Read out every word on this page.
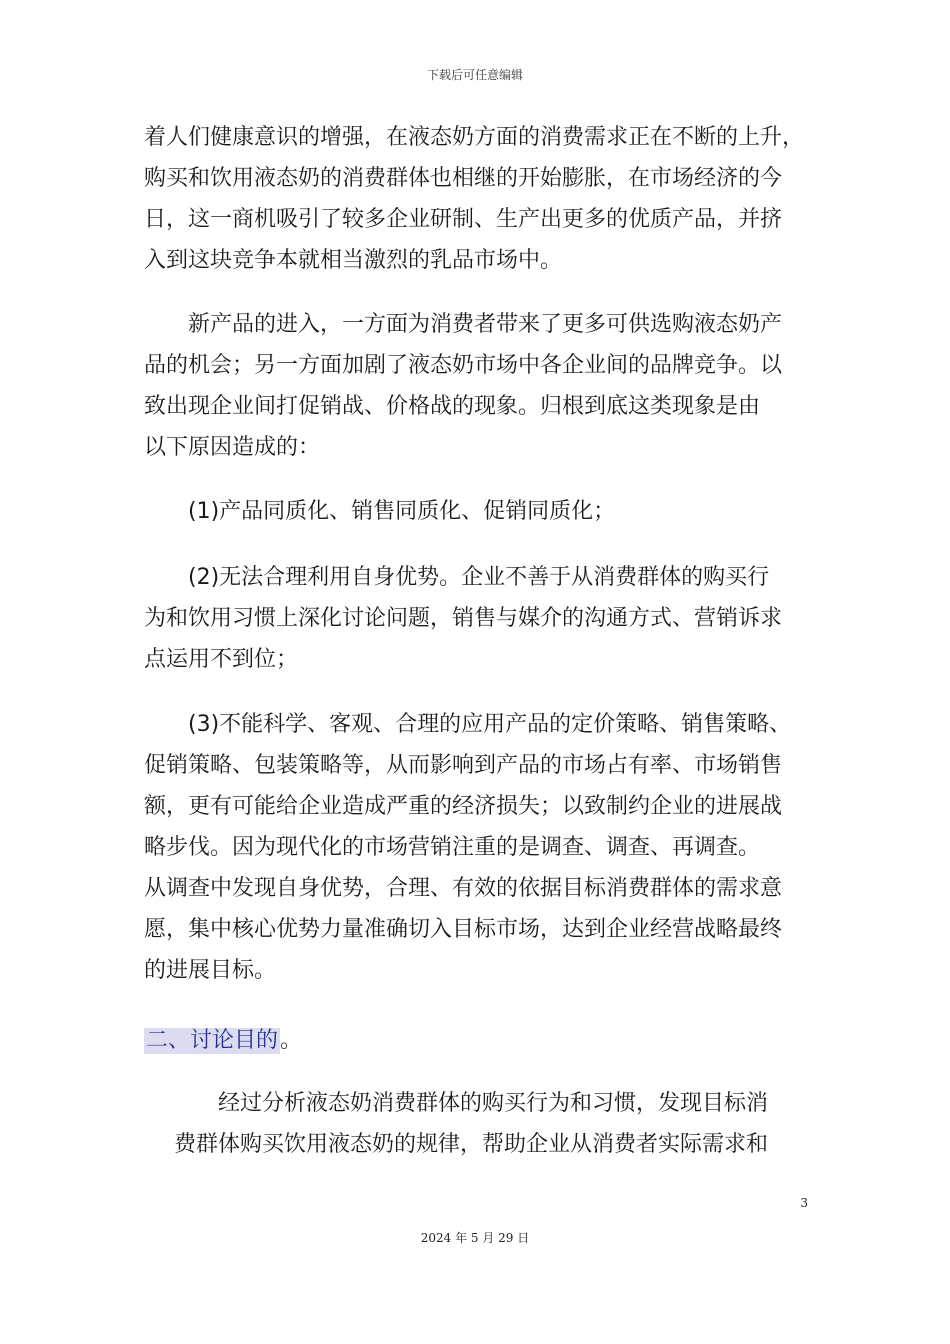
下载后可任意编辑
着人们健康意识的增强，在液态奶方面的消费需求正在不断的上升，
购买和饮用液态奶的消费群体也相继的开始膨胀，在市场经济的今
日，这一商机吸引了较多企业研制、生产出更多的优质产品，并挤
入到这块竞争本就相当激烈的乳品市场中。
新产品的进入，一方面为消费者带来了更多可供选购液态奶产
品的机会；另一方面加剧了液态奶市场中各企业间的品牌竞争。以
致出现企业间打促销战、价格战的现象。归根到底这类现象是由
以下原因造成的：
(1)产品同质化、销售同质化、促销同质化；
(2)无法合理利用自身优势。企业不善于从消费群体的购买行
为和饮用习惯上深化讨论问题，销售与媒介的沟通方式、营销诉求
点运用不到位；
(3)不能科学、客观、合理的应用产品的定价策略、销售策略、
促销策略、包装策略等，从而影响到产品的市场占有率、市场销售
额，更有可能给企业造成严重的经济损失；以致制约企业的进展战
略步伐。因为现代化的市场营销注重的是调查、调查、再调查。
从调查中发现自身优势，合理、有效的依据目标消费群体的需求意
愿，集中核心优势力量准确切入目标市场，达到企业经营战略最终
的进展目标。
二、讨论目的。
经过分析液态奶消费群体的购买行为和习惯，发现目标消
费群体购买饮用液态奶的规律，帮助企业从消费者实际需求和
3
2024 年 5 月 29 日
